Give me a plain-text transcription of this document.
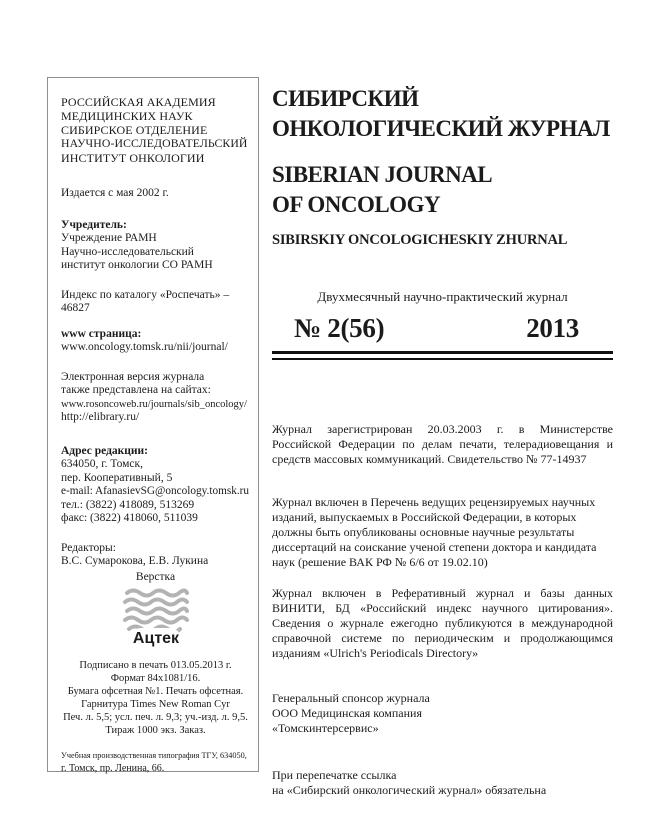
РОССИЙСКАЯ АКАДЕМИЯ
МЕДИЦИНСКИХ НАУК
СИБИРСКОЕ ОТДЕЛЕНИЕ
НАУЧНО-ИССЛЕДОВАТЕЛЬСКИЙ
ИНСТИТУТ ОНКОЛОГИИ
Издается с мая 2002 г.
Учредитель:
Учреждение РАМН
Научно-исследовательский
институт онкологии СО РАМН
Индекс по каталогу «Роспечать» – 46827
www страница:
www.oncology.tomsk.ru/nii/journal/
Электронная версия журнала
также представлена на сайтах:
www.rosoncoweb.ru/journals/sib_oncology/
http://elibrary.ru/
Адрес редакции:
634050, г. Томск,
пер. Кооперативный, 5
e-mail: AfanasievSG@oncology.tomsk.ru
тел.: (3822) 418089, 513269
факс: (3822) 418060, 511039
Редакторы:
В.С. Сумарокова, Е.В. Лукина
Верстка
Ацтек
Подписано в печать 013.05.2013 г.
Формат 84х1081/16.
Бумага офсетная №1. Печать офсетная.
Гарнитура Times New Roman Cyr
Печ. л. 5,5; усл. печ. л. 9,3; уч.-изд. л. 9,5.
Тираж 1000 экз. Заказ.
Учебная производственная типография ТГУ, 634050,
г. Томск, пр. Ленина, 66.
СИБИРСКИЙ
ОНКОЛОГИЧЕСКИЙ ЖУРНАЛ
SIBERIAN JOURNAL
OF ONCOLOGY
SIBIRSKIY ONCOLOGICHESKIY ZHURNAL
Двухмесячный научно-практический журнал
№ 2(56)	2013
Журнал зарегистрирован 20.03.2003 г. в Министерстве Российской Федерации по делам печати, телерадиовещания и средств массовых коммуникаций. Свидетельство № 77-14937
Журнал включен в Перечень ведущих рецензируемых научных изданий, выпускаемых в Российской Федерации, в которых должны быть опубликованы основные научные результаты диссертаций на соискание ученой степени доктора и кандидата наук (решение ВАК РФ № 6/6 от 19.02.10)
Журнал включен в Реферативный журнал и базы данных ВИНИТИ, БД «Российский индекс научного цитирования». Сведения о журнале ежегодно публикуются в международной справочной системе по периодическим и продолжающимся изданиям «Ulrich's Periodicals Directory»
Генеральный спонсор журнала
ООО Медицинская компания
«Томскинтерсервис»
При перепечатке ссылка
на «Сибирский онкологический журнал» обязательна
